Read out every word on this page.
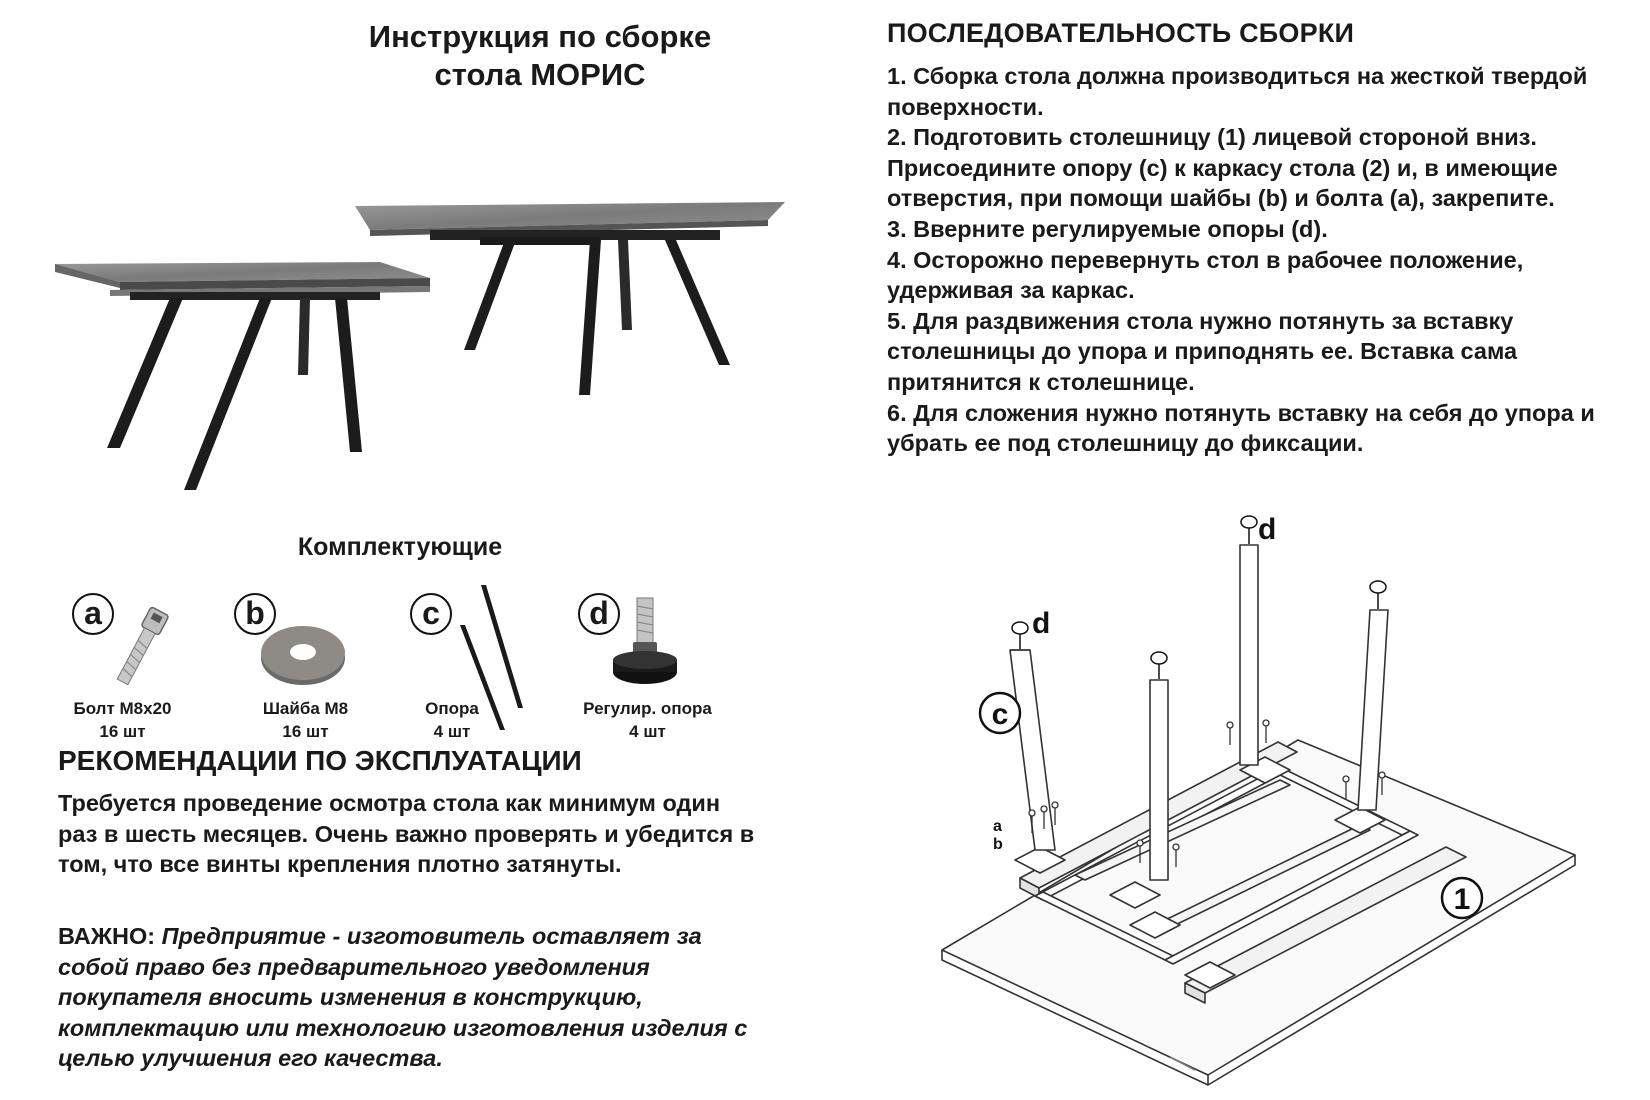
Инструкция по сборке
стола МОРИС
ПОСЛЕДОВАТЕЛЬНОСТЬ СБОРКИ
1. Сборка стола должна производиться на жесткой твердой поверхности.
2. Подготовить столешницу (1) лицевой стороной вниз. Присоедините опору (с) к каркасу стола (2) и, в имеющие отверстия, при помощи шайбы (b) и болта (a), закрепите.
3. Вверните регулируемые опоры (d).
4. Осторожно перевернуть стол в рабочее положение, удерживая за каркас.
5. Для раздвижения стола нужно потянуть за вставку столешницы до упора и приподнять ее. Вставка сама притянится к столешнице.
6. Для сложения нужно потянуть вставку на себя до упора и убрать ее под столешницу до фиксации.
Комплектующие
a
Болт М8х20
16 шт
b
Шайба М8
16 шт
c
Опора
4 шт
d
Регулир. опора
4 шт
РЕКОМЕНДАЦИИ ПО ЭКСПЛУАТАЦИИ
Требуется проведение осмотра стола как минимум один раз в шесть месяцев. Очень важно проверять и убедится в том, что все винты крепления плотно затянуты.
ВАЖНО: Предприятие - изготовитель оставляет за собой право без предварительного уведомления покупателя вносить изменения в конструкцию, комплектацию или технологию изготовления изделия с целью улучшения его качества.
d
d
c
a
b
1
